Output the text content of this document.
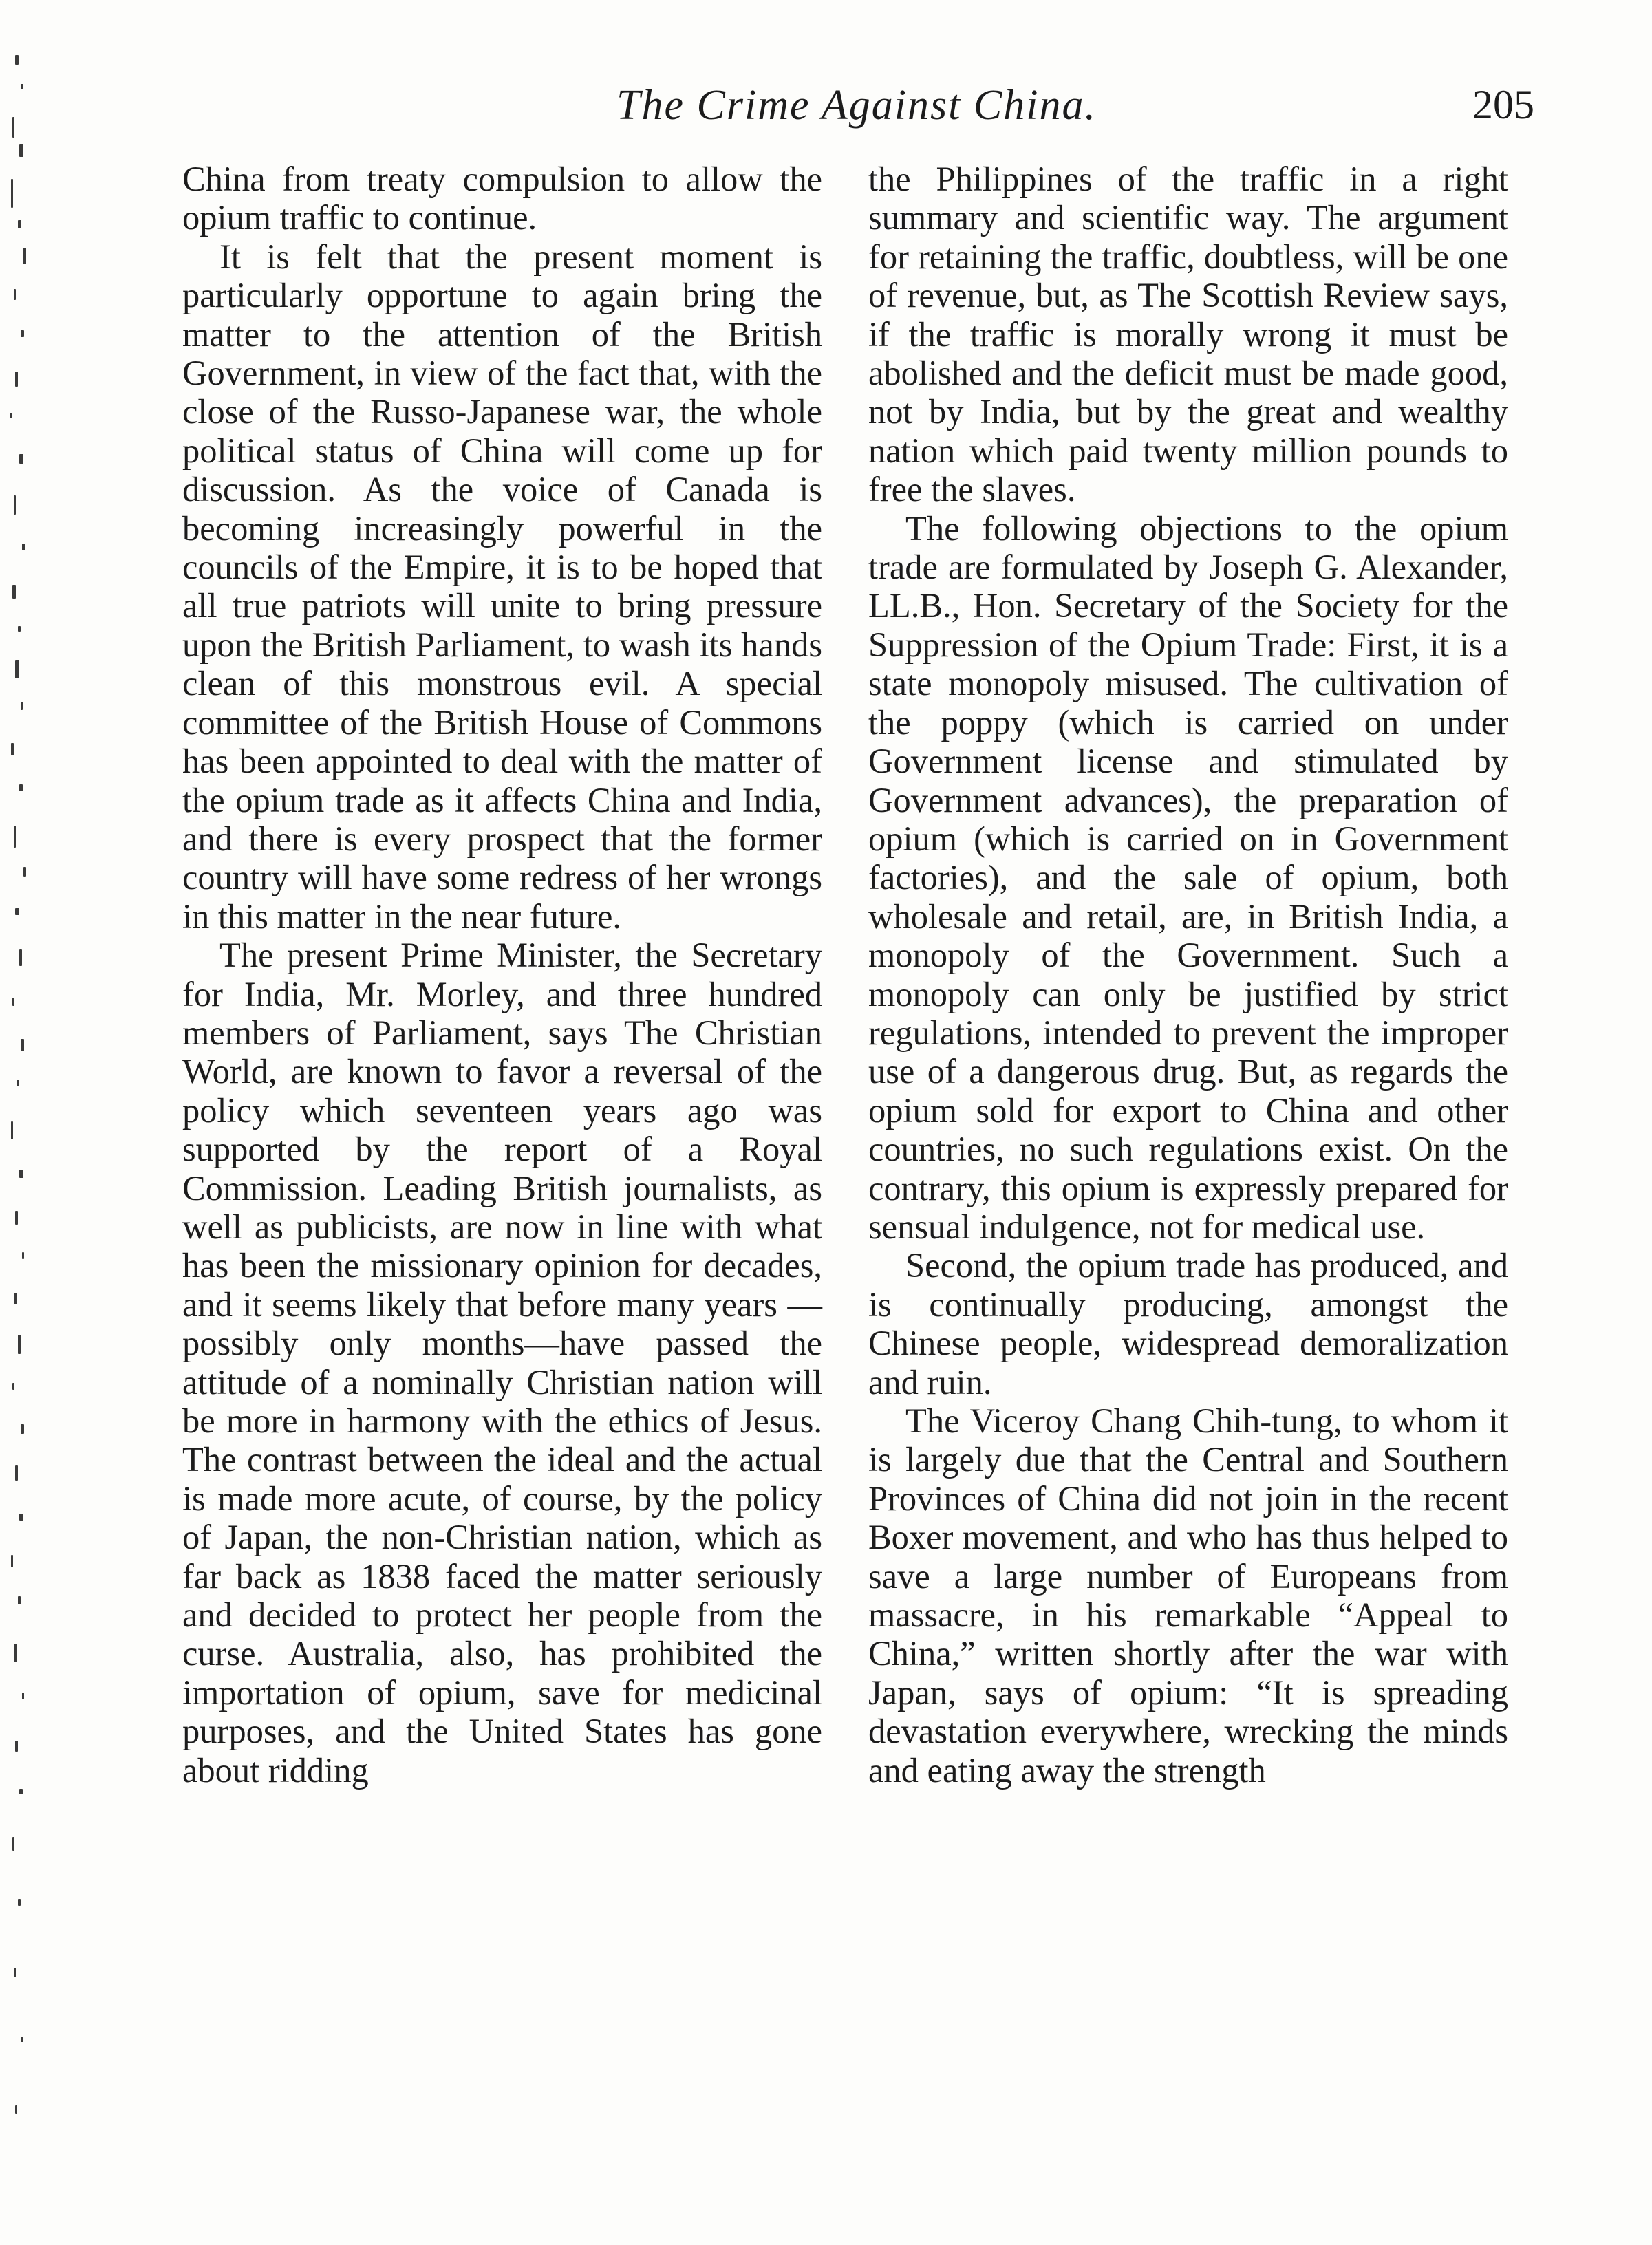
The Crime Against China.	205

China from treaty compulsion to allow the opium traffic to continue.

It is felt that the present moment is particularly opportune to again bring the matter to the attention of the British Government, in view of the fact that, with the close of the Russo-Japanese war, the whole political status of China will come up for discussion. As the voice of Canada is becoming increasingly powerful in the councils of the Empire, it is to be hoped that all true patriots will unite to bring pressure upon the British Parliament, to wash its hands clean of this monstrous evil. A special committee of the British House of Commons has been appointed to deal with the matter of the opium trade as it affects China and India, and there is every prospect that the former country will have some redress of her wrongs in this matter in the near future.

The present Prime Minister, the Secretary for India, Mr. Morley, and three hundred members of Parliament, says The Christian World, are known to favor a reversal of the policy which seventeen years ago was supported by the report of a Royal Commission. Leading British journalists, as well as publicists, are now in line with what has been the missionary opinion for decades, and it seems likely that before many years —possibly only months—have passed the attitude of a nominally Christian nation will be more in harmony with the ethics of Jesus. The contrast between the ideal and the actual is made more acute, of course, by the policy of Japan, the non-Christian nation, which as far back as 1838 faced the matter seriously and decided to protect her people from the curse. Australia, also, has prohibited the importation of opium, save for medicinal purposes, and the United States has gone about ridding

the Philippines of the traffic in a right summary and scientific way. The argument for retaining the traffic, doubtless, will be one of revenue, but, as The Scottish Review says, if the traffic is morally wrong it must be abolished and the deficit must be made good, not by India, but by the great and wealthy nation which paid twenty million pounds to free the slaves.

The following objections to the opium trade are formulated by Joseph G. Alexander, LL.B., Hon. Secretary of the Society for the Suppression of the Opium Trade: First, it is a state monopoly misused. The cultivation of the poppy (which is carried on under Government license and stimulated by Government advances), the preparation of opium (which is carried on in Government factories), and the sale of opium, both wholesale and retail, are, in British India, a monopoly of the Government. Such a monopoly can only be justified by strict regulations, intended to prevent the improper use of a dangerous drug. But, as regards the opium sold for export to China and other countries, no such regulations exist. On the contrary, this opium is expressly prepared for sensual indulgence, not for medical use.

Second, the opium trade has produced, and is continually producing, amongst the Chinese people, widespread demoralization and ruin.

The Viceroy Chang Chih-tung, to whom it is largely due that the Central and Southern Provinces of China did not join in the recent Boxer movement, and who has thus helped to save a large number of Europeans from massacre, in his remarkable “Appeal to China,” written shortly after the war with Japan, says of opium: “It is spreading devastation everywhere, wrecking the minds and eating away the strength
